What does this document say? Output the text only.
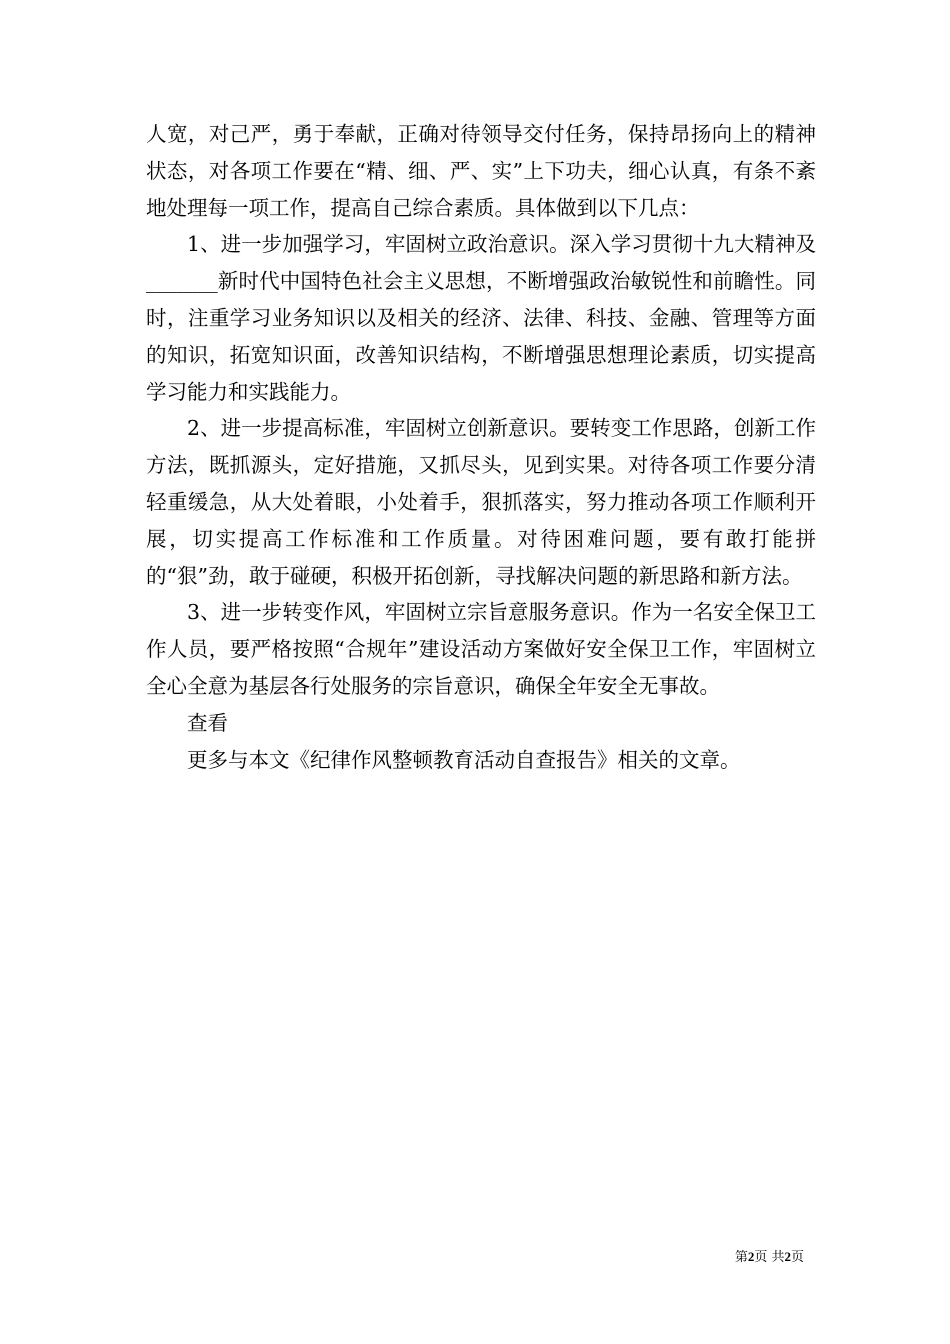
人宽，对己严，勇于奉献，正确对待领导交付任务，保持昂扬向上的精神状态，对各项工作要在“精、细、严、实”上下功夫，细心认真，有条不紊地处理每一项工作，提高自己综合素质。具体做到以下几点：

1、进一步加强学习，牢固树立政治意识。深入学习贯彻十九大精神及_______新时代中国特色社会主义思想，不断增强政治敏锐性和前瞻性。同时，注重学习业务知识以及相关的经济、法律、科技、金融、管理等方面的知识，拓宽知识面，改善知识结构，不断增强思想理论素质，切实提高学习能力和实践能力。

2、进一步提高标准，牢固树立创新意识。要转变工作思路，创新工作方法，既抓源头，定好措施，又抓尽头，见到实果。对待各项工作要分清轻重缓急，从大处着眼，小处着手，狠抓落实，努力推动各项工作顺利开展，切实提高工作标准和工作质量。对待困难问题，要有敢打能拼的“狠”劲，敢于碰硬，积极开拓创新，寻找解决问题的新思路和新方法。

3、进一步转变作风，牢固树立宗旨意服务意识。作为一名安全保卫工作人员，要严格按照“合规年”建设活动方案做好安全保卫工作，牢固树立全心全意为基层各行处服务的宗旨意识，确保全年安全无事故。

查看

更多与本文《纪律作风整顿教育活动自查报告》相关的文章。

第2页 共2页
